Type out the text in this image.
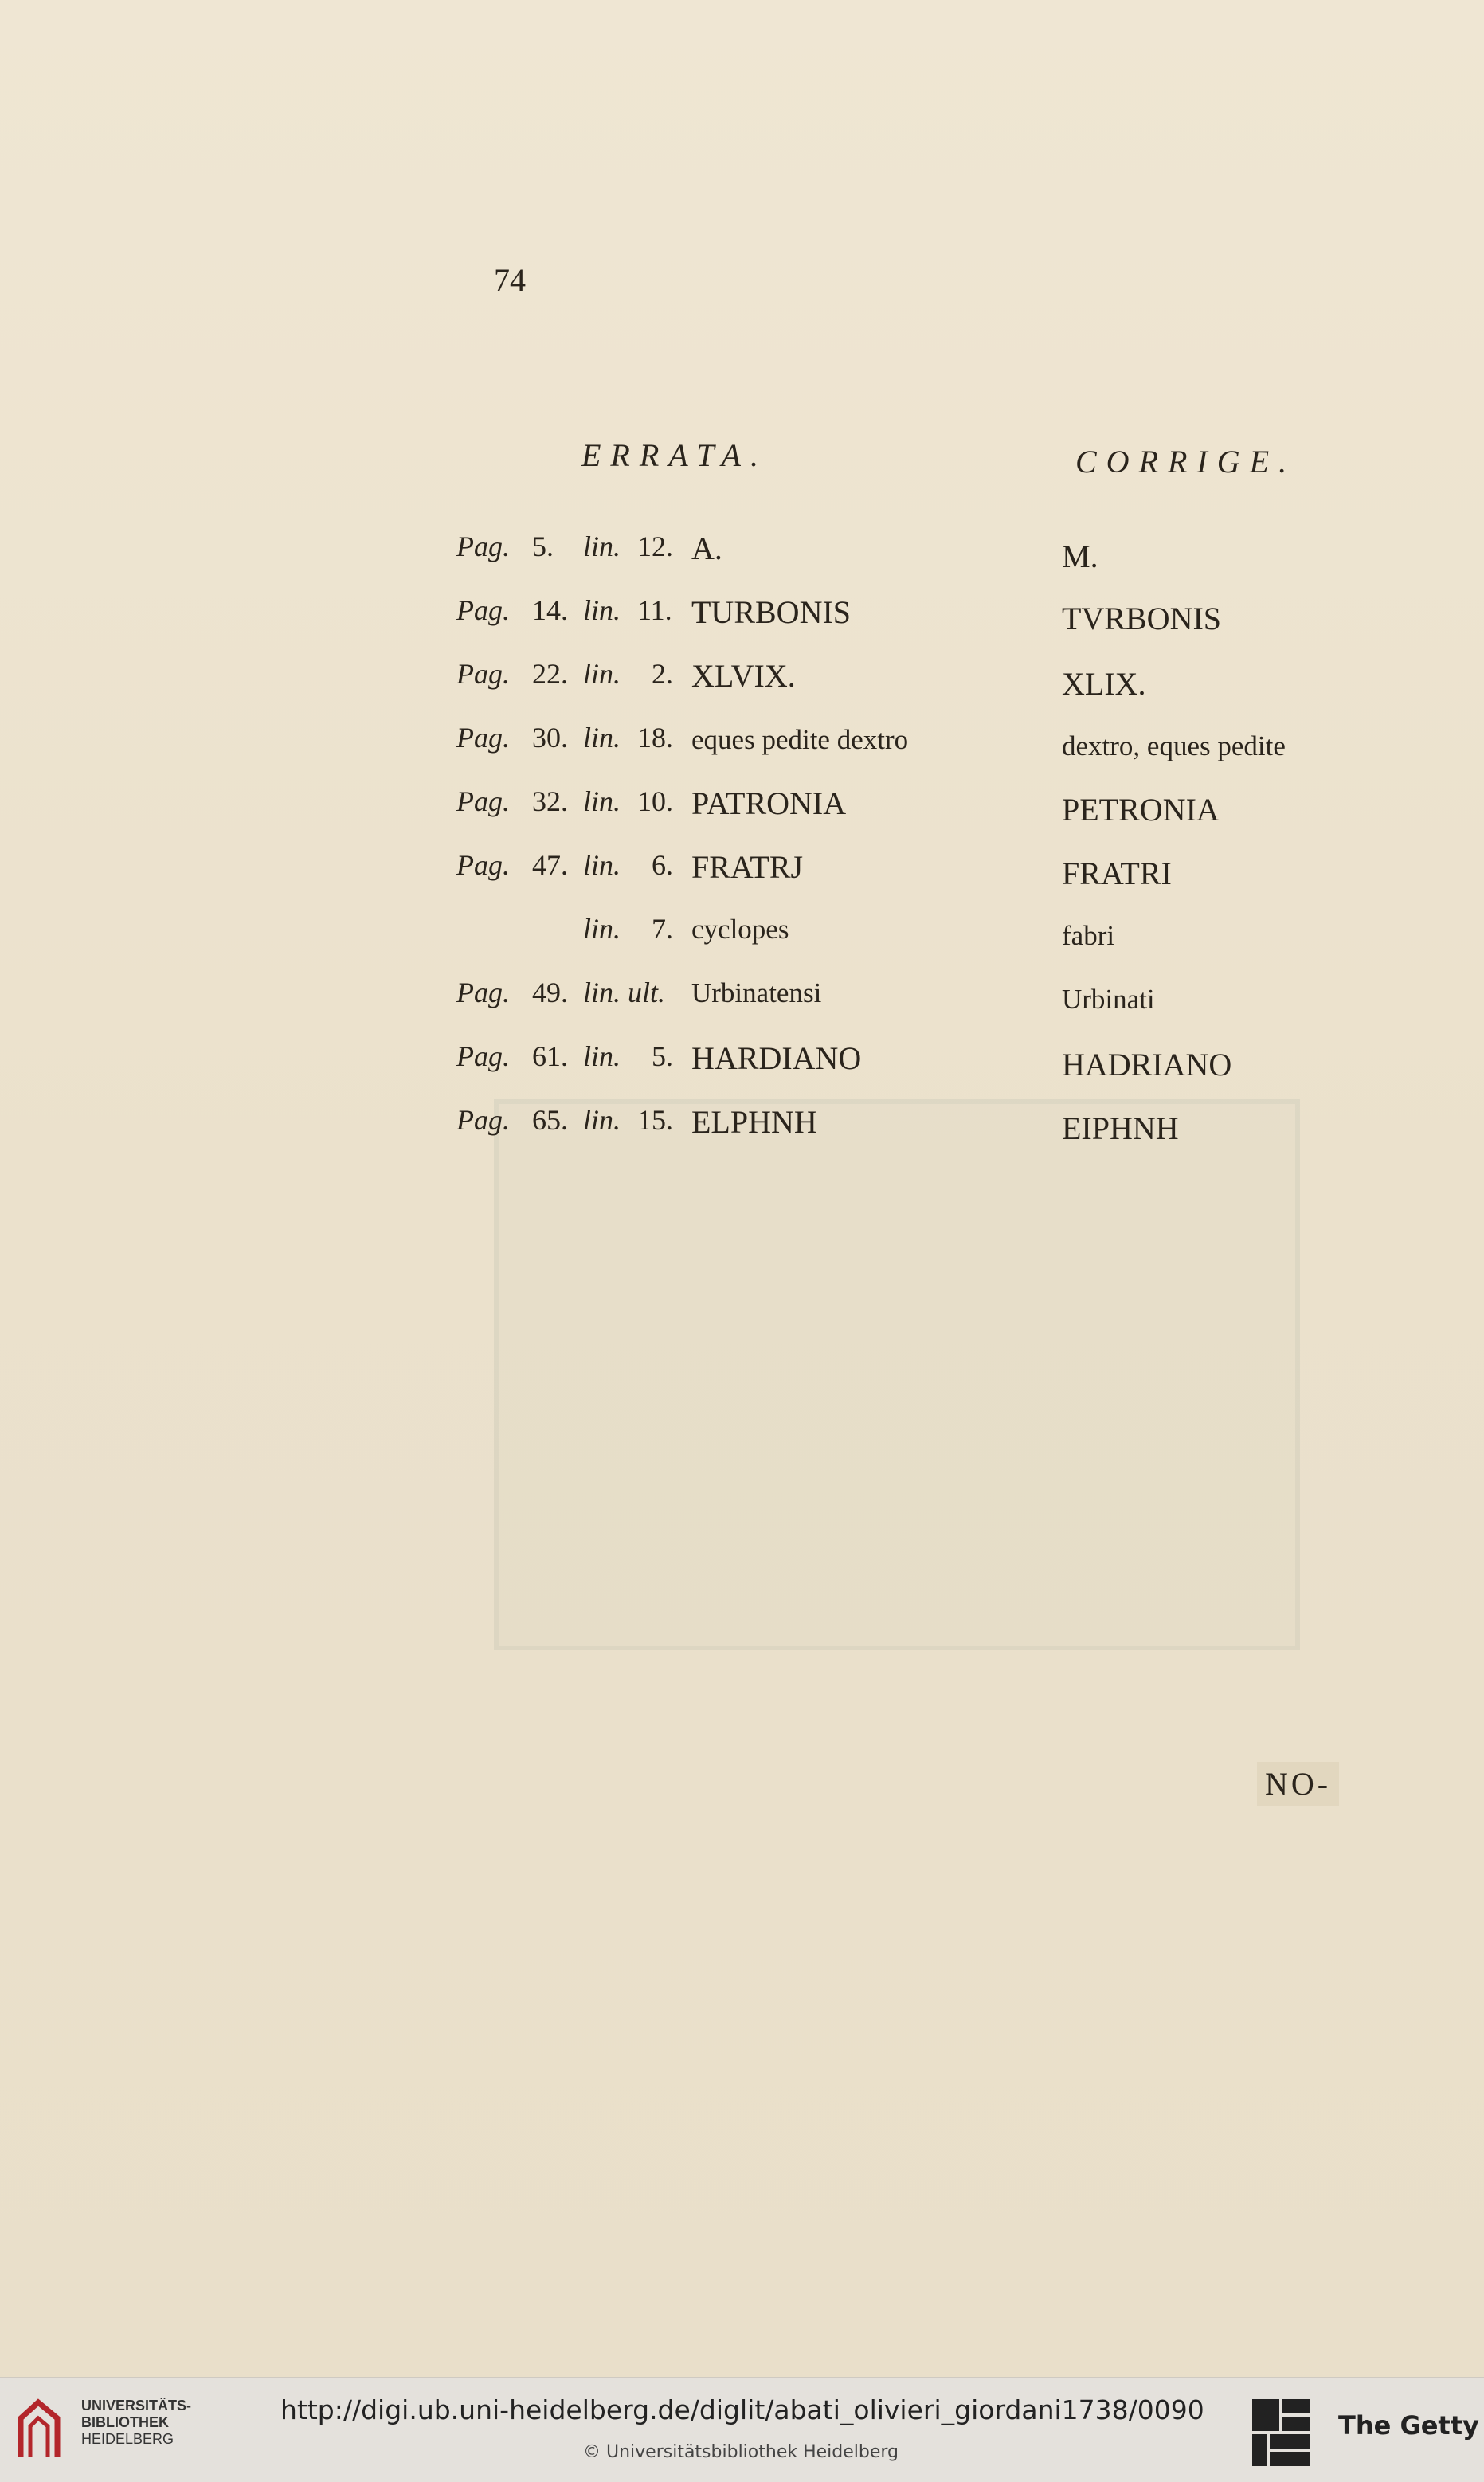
74
ERRATA.	CORRIGE.
Pag. 5. lin. 12. A.	M.
Pag. 14. lin. 11. TURBONIS	TVRBONIS
Pag. 22. lin. 2. XLVIX.	XLIX.
Pag. 30. lin. 18. eques pedite dextro	dextro, eques pedite
Pag. 32. lin. 10. PATRONIA	PETRONIA
Pag. 47. lin. 6. FRATRJ	FRATRI
lin. 7. cyclopes	fabri
Pag. 49. lin. ult. Urbinatensi	Urbinati
Pag. 61. lin. 5. HARDIANO	HADRIANO
Pag. 65. lin. 15. ELPHNH	EIPHNH
NO-
UNIVERSITÄTS-
BIBLIOTHEK
HEIDELBERG
http://digi.ub.uni-heidelberg.de/diglit/abati_olivieri_giordani1738/0090
© Universitätsbibliothek Heidelberg
The Getty
